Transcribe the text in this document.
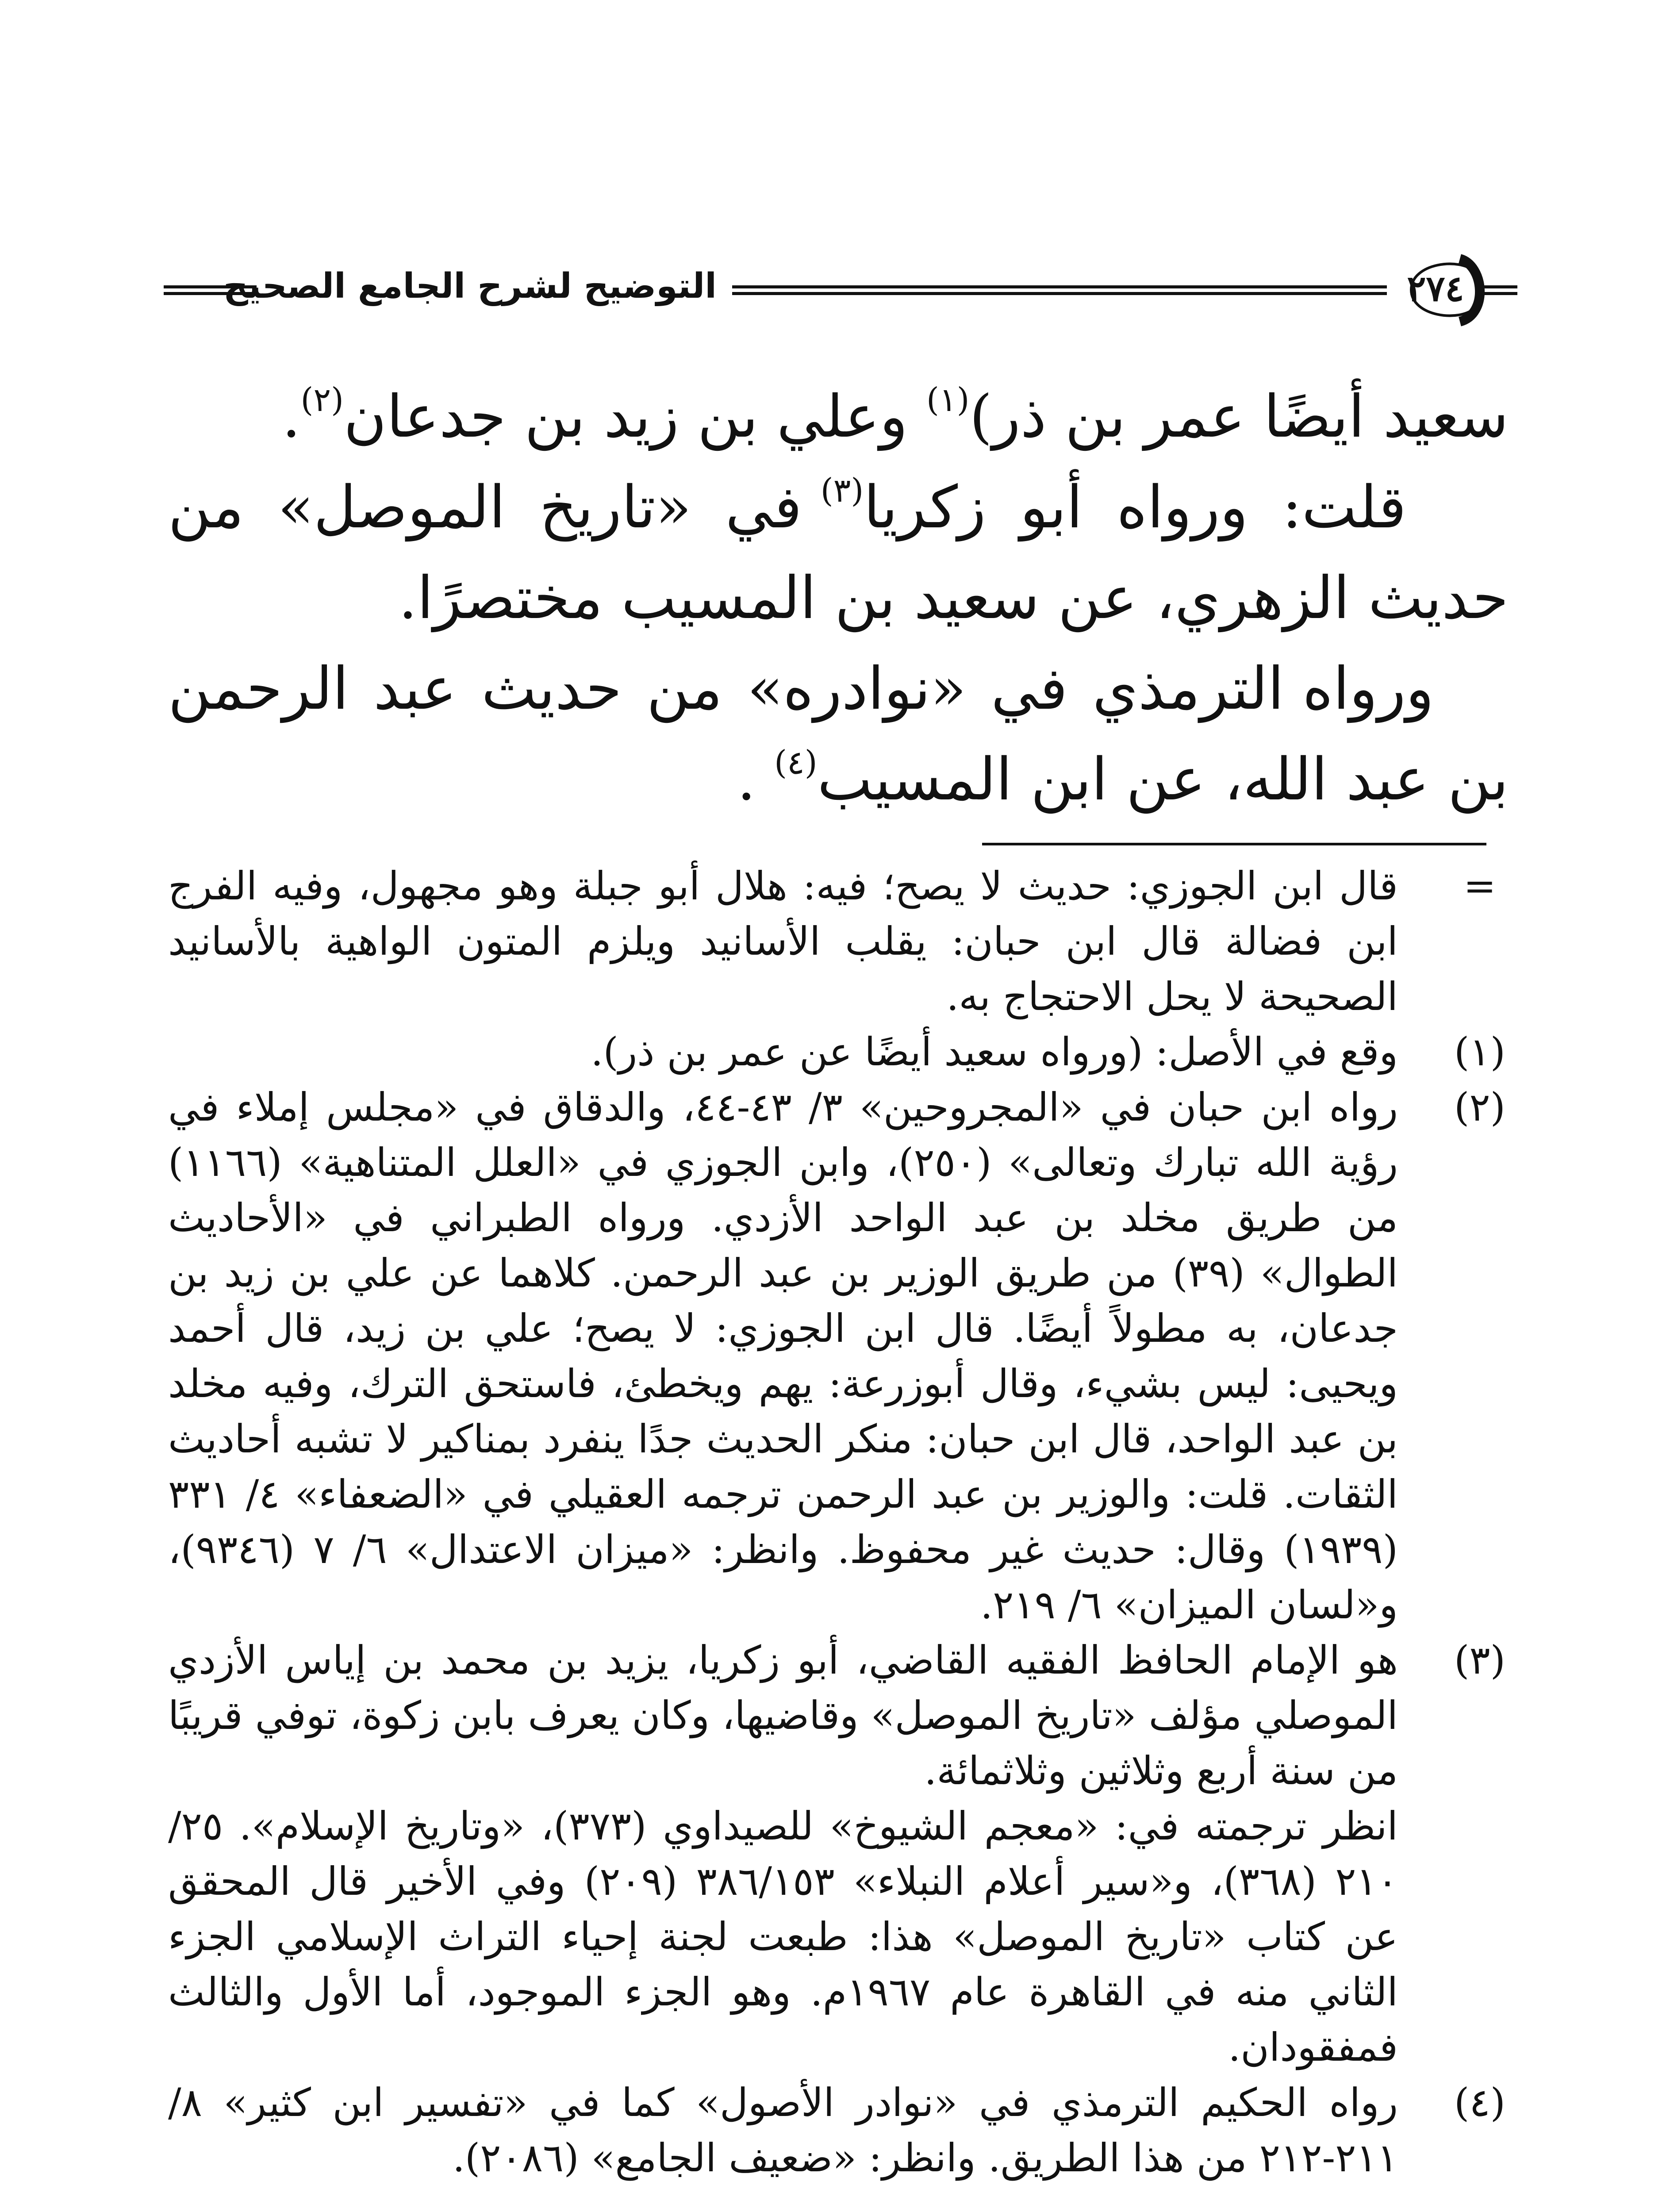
التوضيح لشرح الجامع الصحيح	٢٧٤

سعيد أيضًا عمر بن ذر)$^{(١)}$ وعلي بن زيد بن جدعان$^{(٢)}$.

قلت: ورواه أبو زكريا$^{(٣)}$ في «تاريخ الموصل» من حديث الزهري، عن سعيد بن المسيب مختصرًا.

ورواه الترمذي في «نوادره» من حديث عبد الرحمن بن عبد الله، عن ابن المسيب$^{(٤)}$ .

=

قال ابن الجوزي: حديث لا يصح؛ فيه: هلال أبو جبلة وهو مجهول، وفيه الفرج ابن فضالة قال ابن حبان: يقلب الأسانيد ويلزم المتون الواهية بالأسانيد الصحيحة لا يحل الاحتجاج به.

(١)

وقع في الأصل: (ورواه سعيد أيضًا عن عمر بن ذر).

(٢)

رواه ابن حبان في «المجروحين» ٣/ ٤٣-٤٤، والدقاق في «مجلس إملاء في رؤية الله تبارك وتعالى» (٢٥٠)، وابن الجوزي في «العلل المتناهية» (١١٦٦) من طريق مخلد بن عبد الواحد الأزدي. ورواه الطبراني في «الأحاديث الطوال» (٣٩) من طريق الوزير بن عبد الرحمن. كلاهما عن علي بن زيد بن جدعان، به مطولاً أيضًا. قال ابن الجوزي: لا يصح؛ علي بن زيد، قال أحمد ويحيى: ليس بشيء، وقال أبوزرعة: يهم ويخطئ، فاستحق الترك، وفيه مخلد بن عبد الواحد، قال ابن حبان: منكر الحديث جدًا ينفرد بمناكير لا تشبه أحاديث الثقات. قلت: والوزير بن عبد الرحمن ترجمه العقيلي في «الضعفاء» ٤/ ٣٣١ (١٩٣٩) وقال: حديث غير محفوظ. وانظر: «ميزان الاعتدال» ٦/ ٧ (٩٣٤٦)، و«لسان الميزان» ٦/ ٢١٩.

(٣)

هو الإمام الحافظ الفقيه القاضي، أبو زكريا، يزيد بن محمد بن إياس الأزدي الموصلي مؤلف «تاريخ الموصل» وقاضيها، وكان يعرف بابن زكوة، توفي قريبًا من سنة أربع وثلاثين وثلاثمائة.

انظر ترجمته في: «معجم الشيوخ» للصيداوي (٣٧٣)، «وتاريخ الإسلام». ٢٥/ ٢١٠ (٣٦٨)، و«سير أعلام النبلاء» ٣٨٦/١٥٣ (٢٠٩) وفي الأخير قال المحقق عن كتاب «تاريخ الموصل» هذا: طبعت لجنة إحياء التراث الإسلامي الجزء الثاني منه في القاهرة عام ١٩٦٧م. وهو الجزء الموجود، أما الأول والثالث فمفقودان.

(٤)

رواه الحكيم الترمذي في «نوادر الأصول» كما في «تفسير ابن كثير» ٨/ ٢١١-٢١٢ من هذا الطريق. وانظر: «ضعيف الجامع» (٢٠٨٦).
